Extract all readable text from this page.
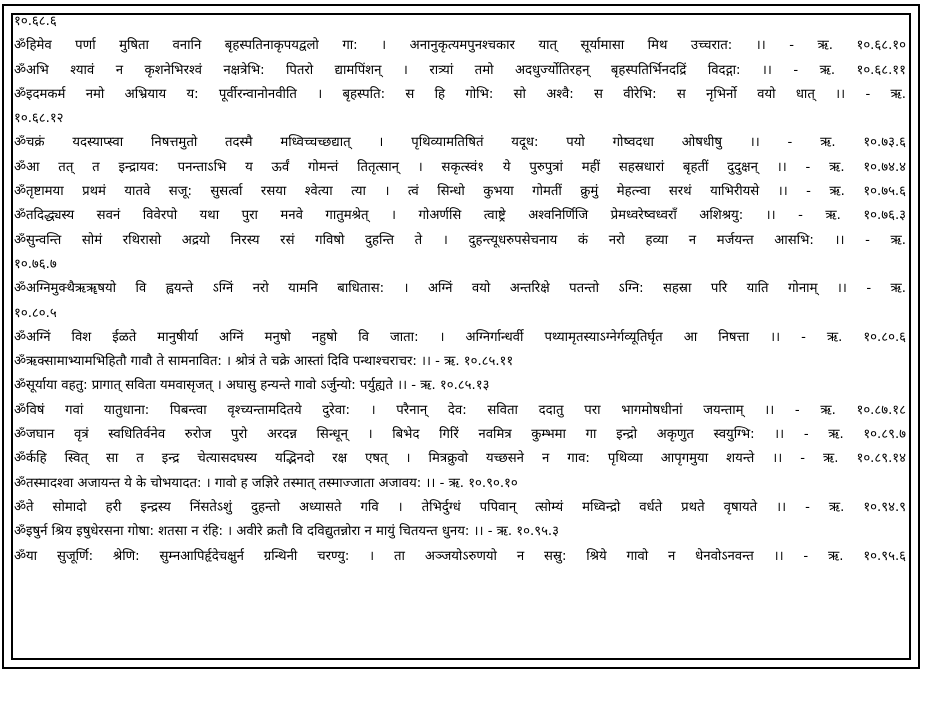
१०.६८.६
ॐहिमेव पर्णा मुषिता वनानि बृहस्पतिनाकृपयद्वलो गा: । अनानुकृत्यमपुनश्चकार यात् सूर्यामासा मिथ उच्चरात: ।। - ऋ. १०.६८.१०
ॐअभि श्यावं न कृशनेभिरश्वं नक्षत्रेभि: पितरो द्यामपिंशन् । रात्र्यां तमो अदधुर्ज्योतिरहन् बृहस्पतिर्भिनदद्रिं विदद्गा: ।। - ऋ. १०.६८.११
ॐइदमकर्म नमो अभ्रियाय य: पूर्वीरन्वानोनवीति । बृहस्पति: स हि गोभि: सो अश्वै: स वीरेभि: स नृभिर्नो वयो धात् ।। - ऋ.
१०.६८.१२
ॐचक्रं यदस्याप्स्वा निषत्तमुतो तदस्मै मध्विच्चच्छद्यात् । पृथिव्यामतिषितं यदूध: पयो गोष्वदधा ओषधीषु ।। - ऋ. १०.७३.६
ॐआ तत् त इन्द्रायव: पनन्ताऽभि य ऊर्वं गोमन्तं तितृत्सान् । सकृत्स्वं१ ये पुरुपुत्रां महीं सहस्रधारां बृहतीं दुदुक्षन् ।। - ऋ. १०.७४.४
ॐतृष्टामया प्रथमं यातवे सजू: सुसर्त्वा रसया श्वेत्या त्या । त्वं सिन्धो कुभया गोमतीं क्रुमुं मेहत्न्वा सरथं याभिरीयसे ।। - ऋ. १०.७५.६
ॐतदिद्ध्यस्य सवनं विवेरपो यथा पुरा मनवे गातुमश्रेत् । गोअर्णसि त्वाष्ट्रे अश्वनिर्णिजि प्रेमध्वरेष्वध्वरॉं अशिश्रयु: ।। - ऋ. १०.७६.३
ॐसुन्वन्ति सोमं रथिरासो अद्रयो निरस्य रसं गविषो दुहन्ति ते । दुहन्त्यूधरुपसेचनाय कं नरो हव्या न मर्जयन्त आसभि: ।। - ऋ.
१०.७६.७
ॐअग्निमुक्थैऋॠषयो वि ह्वयन्ते ऽग्निं नरो यामनि बाधितास: । अग्निं वयो अन्तरिक्षे पतन्तो ऽग्नि: सहस्रा परि याति गोनाम् ।। - ऋ.
१०.८०.५
ॐअग्निं विश ईळते मानुषीर्या अग्निं मनुषो नहुषो वि जाता: । अग्निर्गान्धर्वी पथ्यामृतस्याऽग्नेर्गव्यूतिर्घृत आ निषत्ता ।। - ऋ. १०.८०.६
ॐऋक्सामाभ्यामभिहितौ गावौ ते सामनावित: । श्रोत्रं ते चक्रे आस्तां दिवि पन्थाश्चराचर: ।। - ऋ. १०.८५.११
ॐसूर्याया वहतु: प्रागात् सविता यमवासृजत् । अघासु हन्यन्ते गावो ऽर्जुन्यो: पर्युह्यते ।। - ऋ. १०.८५.१३
ॐविषं गवां यातुधाना: पिबन्त्वा वृश्च्यन्तामदितये दुरेवा: । परैनान् देव: सविता ददातु परा भागमोषधीनां जयन्ताम् ।। - ऋ. १०.८७.१८
ॐजघान वृत्रं स्वधितिर्वनेव रुरोज पुरो अरदन्न सिन्धून् । बिभेद गिरिं नवमित्र कुम्भमा गा इन्द्रो अकृणुत स्वयुग्भि: ।। - ऋ. १०.८९.७
ॐर्कहि स्वित् सा त इन्द्र चेत्यासदघस्य यद्भिनदो रक्ष एषत् । मित्रक्रुवो यच्छसने न गाव: पृथिव्या आपृगमुया शयन्ते ।। - ऋ. १०.८९.१४
ॐतस्मादश्वा अजायन्त ये के चोभयादत: । गावो ह जज्ञिरे तस्मात् तस्माज्जाता अजावय: ।। - ऋ. १०.९०.१०
ॐते सोमादो हरी इन्द्रस्य निंसतेऽशुं दुहन्तो अध्यासते गवि । तेभिर्दुग्धं पपिवान् त्सोम्यं मध्विन्द्रो वर्धते प्रथते वृषायते ।। - ऋ. १०.९४.९
ॐइषुर्न श्रिय इषुधेरसना गोषा: शतसा न रंहि: । अवीरे क्रतौ वि दविद्युतन्नोरा न मायुं चितयन्त धुनय: ।। - ऋ. १०.९५.३
ॐया सुजूर्णि: श्रेणि: सुम्नआपिर्हृदेचक्षुर्न ग्रन्थिनी चरण्यु: । ता अञ्जयोऽरुणयो न सस्रु: श्रिये गावो न धेनवोऽनवन्त ।। - ऋ. १०.९५.६
